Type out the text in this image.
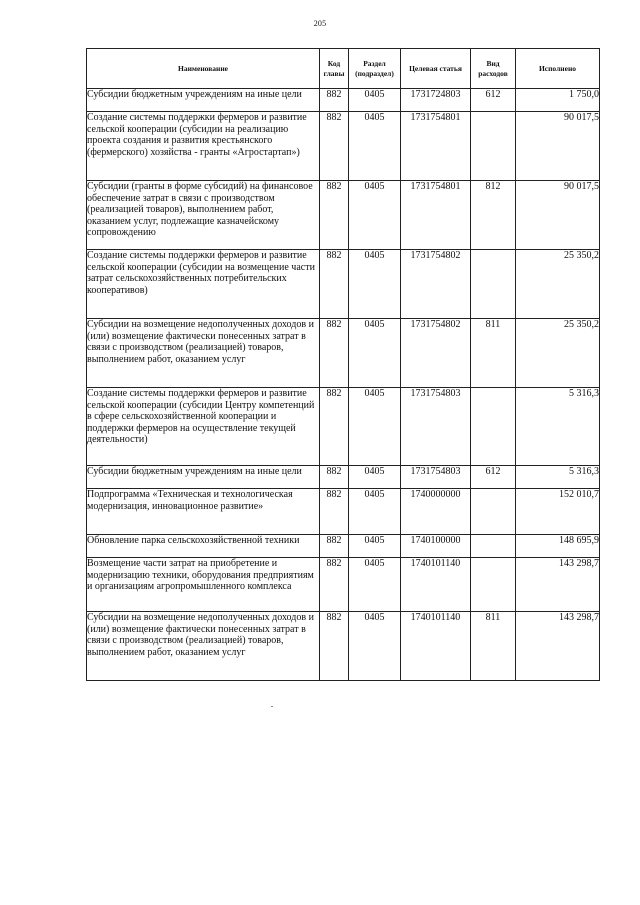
205
Наименование	Код главы	Раздел (подраздел)	Целевая статья	Вид расходов	Исполнено
Субсидии бюджетным учреждениям на иные цели	882	0405	1731724803	612	1 750,0
Создание системы поддержки фермеров и развитие сельской кооперации (субсидии на реализацию проекта создания и развития крестьянского (фермерского) хозяйства - гранты «Агростартап»)	882	0405	1731754801		90 017,5
Субсидии (гранты в форме субсидий) на финансовое обеспечение затрат в связи с производством (реализацией товаров), выполнением работ, оказанием услуг, подлежащие казначейскому сопровождению	882	0405	1731754801	812	90 017,5
Создание системы поддержки фермеров и развитие сельской кооперации (субсидии на возмещение части затрат сельскохозяйственных потребительских кооперативов)	882	0405	1731754802		25 350,2
Субсидии на возмещение недополученных доходов и (или) возмещение фактически понесенных затрат в связи с производством (реализацией) товаров, выполнением работ, оказанием услуг	882	0405	1731754802	811	25 350,2
Создание системы поддержки фермеров и развитие сельской кооперации (субсидии Центру компетенций в сфере сельскохозяйственной кооперации и поддержки фермеров на осуществление текущей деятельности)	882	0405	1731754803		5 316,3
Субсидии бюджетным учреждениям на иные цели	882	0405	1731754803	612	5 316,3
Подпрограмма «Техническая и технологическая модернизация, инновационное развитие»	882	0405	1740000000		152 010,7
Обновление парка сельскохозяйственной техники	882	0405	1740100000		148 695,9
Возмещение части затрат на приобретение и модернизацию техники, оборудования предприятиям и организациям агропромышленного комплекса	882	0405	1740101140		143 298,7
Субсидии на возмещение недополученных доходов и (или) возмещение фактически понесенных затрат в связи с производством (реализацией) товаров, выполнением работ, оказанием услуг	882	0405	1740101140	811	143 298,7
